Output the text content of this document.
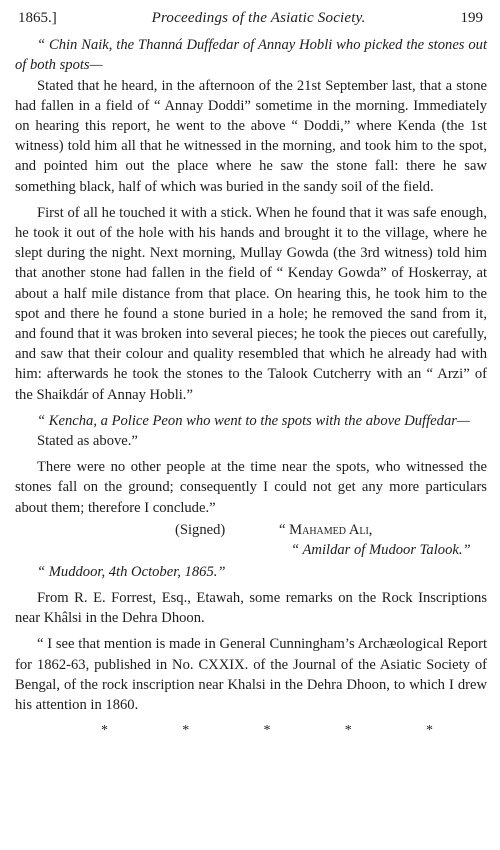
1865.]	Proceedings of the Asiatic Society.	199

“ Chin Naik, the Thanná Duffedar of Annay Hobli who picked the stones out of both spots—

Stated that he heard, in the afternoon of the 21st September last, that a stone had fallen in a field of “ Annay Doddi” sometime in the morning. Immediately on hearing this report, he went to the above “ Doddi,” where Kenda (the 1st witness) told him all that he witnessed in the morning, and took him to the spot, and pointed him out the place where he saw the stone fall: there he saw something black, half of which was buried in the sandy soil of the field.

First of all he touched it with a stick. When he found that it was safe enough, he took it out of the hole with his hands and brought it to the village, where he slept during the night. Next morning, Mullay Gowda (the 3rd witness) told him that another stone had fallen in the field of “ Kenday Gowda” of Hoskerray, at about a half mile distance from that place. On hearing this, he took him to the spot and there he found a stone buried in a hole; he removed the sand from it, and found that it was broken into several pieces; he took the pieces out carefully, and saw that their colour and quality resembled that which he already had with him: afterwards he took the stones to the Talook Cutcherry with an “ Arzi” of the Shaikdár of Annay Hobli.”

“ Kencha, a Police Peon who went to the spots with the above Duffedar—

Stated as above.”

There were no other people at the time near the spots, who witnessed the stones fall on the ground; consequently I could not get any more particulars about them; therefore I conclude.”

(Signed)	“ Mahamed Ali,
“ Amildar of Mudoor Talook.”

“ Muddoor, 4th October, 1865.”

From R. E. Forrest, Esq., Etawah, some remarks on the Rock Inscriptions near Khâlsi in the Dehra Dhoon.

“ I see that mention is made in General Cunningham’s Archæological Report for 1862-63, published in No. CXXIX. of the Journal of the Asiatic Society of Bengal, of the rock inscription near Khalsi in the Dehra Dhoon, to which I drew his attention in 1860.

*	*	*	*	*
